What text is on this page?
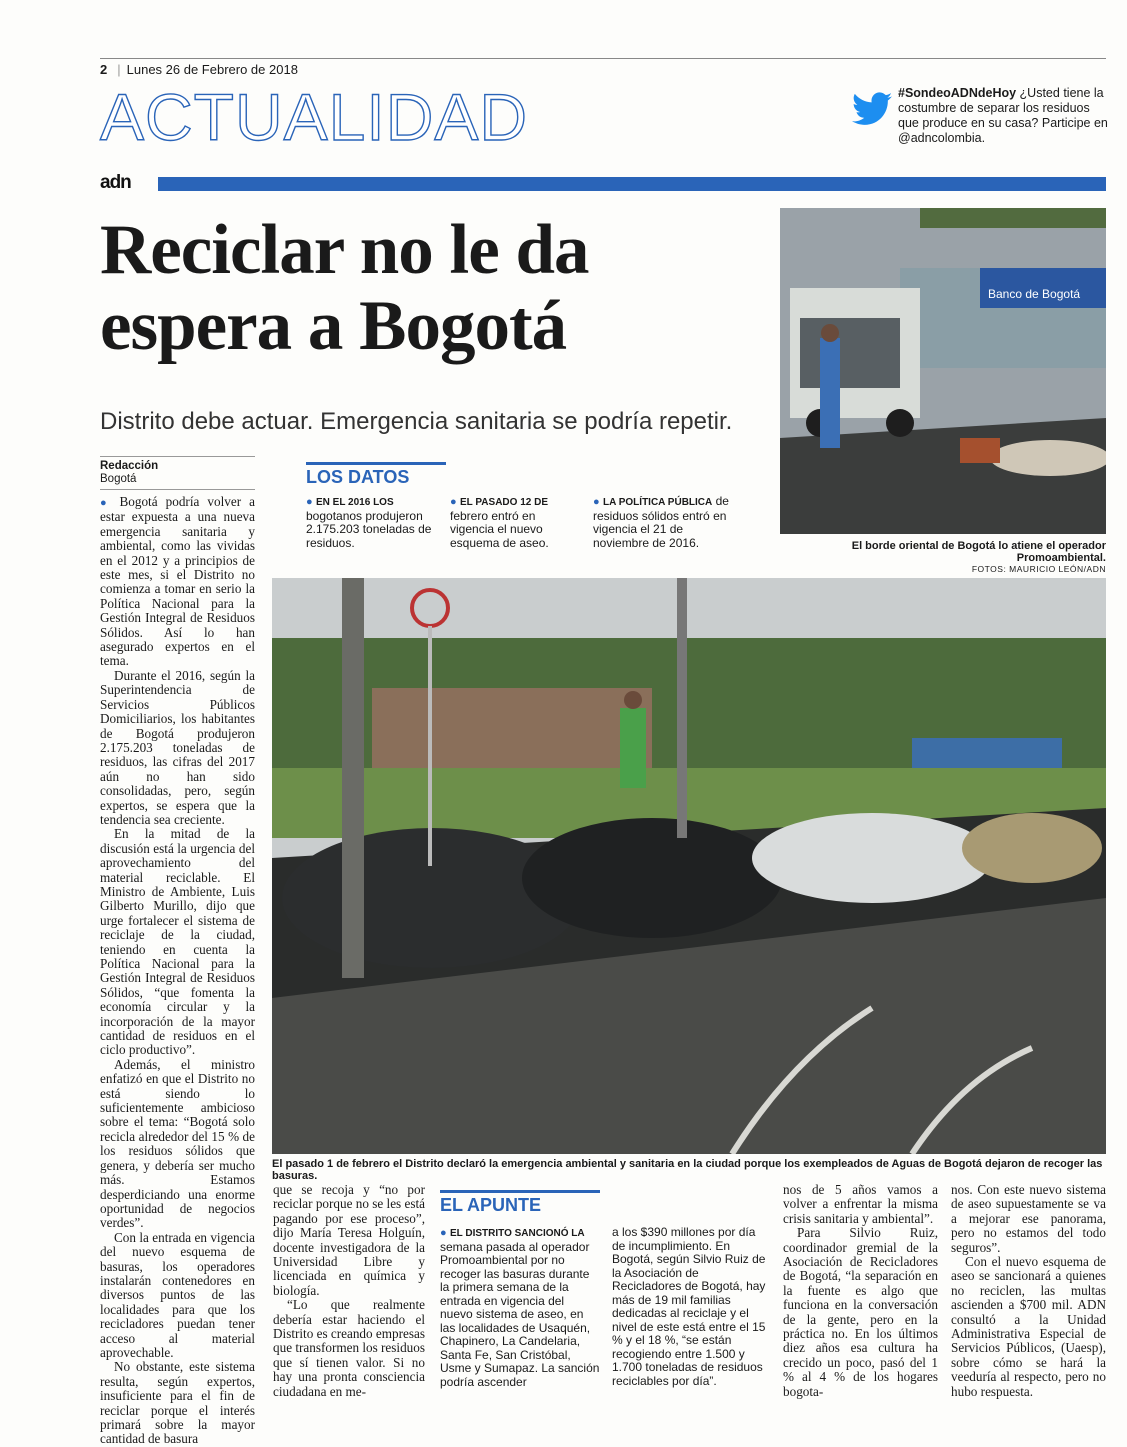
2 | Lunes 26 de Febrero de 2018
ACTUALIDAD	#SondeoADNdeHoy ¿Usted tiene la costumbre de separar los residuos que produce en su casa? Participe en @adncolombia.
adn
Reciclar no le da espera a Bogotá
Distrito debe actuar. Emergencia sanitaria se podría repetir.
Banco de Bogotá
El borde oriental de Bogotá lo atiene el operador Promoambiental.
FOTOS: MAURICIO LEÓN/ADN
El pasado 1 de febrero el Distrito declaró la emergencia ambiental y sanitaria en la ciudad porque los exempleados de Aguas de Bogotá dejaron de recoger las basuras.
Redacción
Bogotá

● Bogotá podría volver a estar expuesta a una nueva emergencia sanitaria y ambiental, como las vividas en el 2012 y a principios de este mes, si el Distrito no comienza a tomar en serio la Política Nacional para la Gestión Integral de Residuos Sólidos. Así lo han asegurado expertos en el tema.

Durante el 2016, según la Superintendencia de Servicios Públicos Domiciliarios, los habitantes de Bogotá produjeron 2.175.203 toneladas de residuos, las cifras del 2017 aún no han sido consolidadas, pero, según expertos, se espera que la tendencia sea creciente.

En la mitad de la discusión está la urgencia del aprovechamiento del material reciclable. El Ministro de Ambiente, Luis Gilberto Murillo, dijo que urge fortalecer el sistema de reciclaje de la ciudad, teniendo en cuenta la Política Nacional para la Gestión Integral de Residuos Sólidos, “que fomenta la economía circular y la incorporación de la mayor cantidad de residuos en el ciclo productivo”.

Además, el ministro enfatizó en que el Distrito no está siendo lo suficientemente ambicioso sobre el tema: “Bogotá solo recicla alrededor del 15 % de los residuos sólidos que genera, y debería ser mucho más. Estamos desperdiciando una enorme oportunidad de negocios verdes”.

Con la entrada en vigencia del nuevo esquema de basuras, los operadores instalarán contenedores en diversos puntos de las localidades para que los recicladores puedan tener acceso al material aprovechable.

No obstante, este sistema resulta, según expertos, insuficiente para el fin de reciclar porque el interés primará sobre la mayor cantidad de basura

que se recoja y “no por reciclar porque no se les está pagando por ese proceso”, dijo María Teresa Holguín, docente investigadora de la Universidad Libre y licenciada en química y biología.

“Lo que realmente debería estar haciendo el Distrito es creando empresas que transformen los residuos que sí tienen valor. Si no hay una pronta consciencia ciudadana en me-

nos de 5 años vamos a volver a enfrentar la misma crisis sanitaria y ambiental”.

Para Silvio Ruiz, coordinador gremial de la Asociación de Recicladores de Bogotá, “la separación en la fuente es algo que funciona en la conversación de la gente, pero en la práctica no. En los últimos diez años esa cultura ha crecido un poco, pasó del 1 % al 4 % de los hogares bogota-

nos. Con este nuevo sistema de aseo supuestamente se va a mejorar ese panorama, pero no estamos del todo seguros”.

Con el nuevo esquema de aseo se sancionará a quienes no reciclen, las multas ascienden a $700 mil. ADN consultó a la Unidad Administrativa Especial de Servicios Públicos, (Uaesp), sobre cómo se hará la veeduría al respecto, pero no hubo respuesta.

LOS DATOS
● EN EL 2016 LOS bogotanos produjeron 2.175.203 toneladas de residuos.
● EL PASADO 12 DE febrero entró en vigencia el nuevo esquema de aseo.
● LA POLÍTICA PÚBLICA de residuos sólidos entró en vigencia el 21 de noviembre de 2016.
EL APUNTE
● EL DISTRITO SANCIONÓ LA semana pasada al operador Promoambiental por no recoger las basuras durante la primera semana de la entrada en vigencia del nuevo sistema de aseo, en las localidades de Usaquén, Chapinero, La Candelaria, Santa Fe, San Cristóbal, Usme y Sumapaz. La sanción podría ascender
a los $390 millones por día de incumplimiento. En Bogotá, según Silvio Ruiz de la Asociación de Recicladores de Bogotá, hay más de 19 mil familias dedicadas al reciclaje y el nivel de este está entre el 15 % y el 18 %, “se están recogiendo entre 1.500 y 1.700 toneladas de residuos reciclables por día”.
